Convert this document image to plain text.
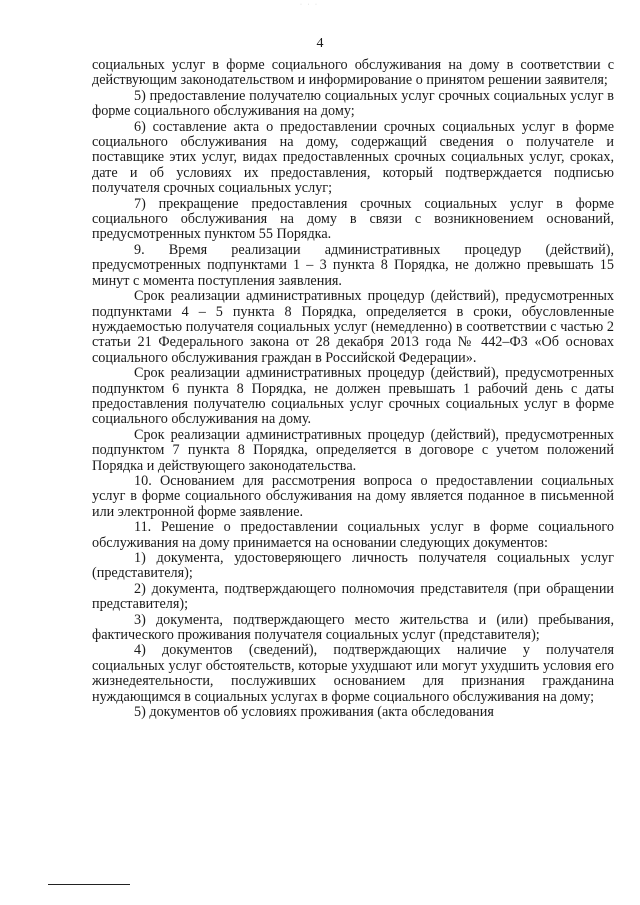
· · ·
4

социальных услуг в форме социального обслуживания на дому в соответствии с действующим законодательством и информирование о принятом решении заявителя;

5) предоставление получателю социальных услуг срочных социальных услуг в форме социального обслуживания на дому;

6) составление акта о предоставлении срочных социальных услуг в форме социального обслуживания на дому, содержащий сведения о получателе и поставщике этих услуг, видах предоставленных срочных социальных услуг, сроках, дате и об условиях их предоставления, который подтверждается подписью получателя срочных социальных услуг;

7) прекращение предоставления срочных социальных услуг в форме социального обслуживания на дому в связи с возникновением оснований, предусмотренных пунктом 55 Порядка.

9. Время реализации административных процедур (действий), предусмотренных подпунктами 1 – 3 пункта 8 Порядка, не должно превышать 15 минут с момента поступления заявления.

Срок реализации административных процедур (действий), предусмотренных подпунктами 4 – 5 пункта 8 Порядка, определяется в сроки, обусловленные нуждаемостью получателя социальных услуг (немедленно) в соответствии с частью 2 статьи 21 Федерального закона от 28 декабря 2013 года № 442–ФЗ «Об основах социального обслуживания граждан в Российской Федерации».

Срок реализации административных процедур (действий), предусмотренных подпунктом 6 пункта 8 Порядка, не должен превышать 1 рабочий день с даты предоставления получателю социальных услуг срочных социальных услуг в форме социального обслуживания на дому.

Срок реализации административных процедур (действий), предусмотренных подпунктом 7 пункта 8 Порядка, определяется в договоре с учетом положений Порядка и действующего законодательства.

10. Основанием для рассмотрения вопроса о предоставлении социальных услуг в форме социального обслуживания на дому является поданное в письменной или электронной форме заявление.

11. Решение о предоставлении социальных услуг в форме социального обслуживания на дому принимается на основании следующих документов:

1) документа, удостоверяющего личность получателя социальных услуг (представителя);

2) документа, подтверждающего полномочия представителя (при обращении представителя);

3) документа, подтверждающего место жительства и (или) пребывания, фактического проживания получателя социальных услуг (представителя);

4) документов (сведений), подтверждающих наличие у получателя социальных услуг обстоятельств, которые ухудшают или могут ухудшить условия его жизнедеятельности, послуживших основанием для признания гражданина нуждающимся в социальных услугах в форме социального обслуживания на дому;

5) документов об условиях проживания (акта обследования
